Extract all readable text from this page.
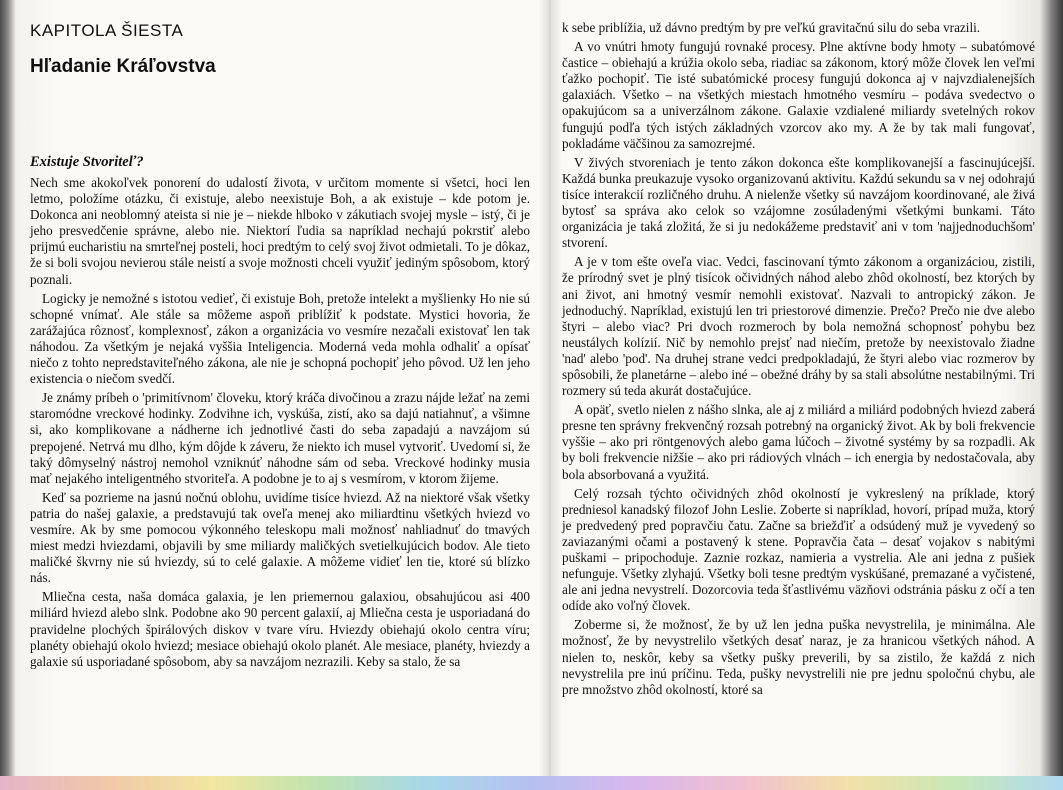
KAPITOLA ŠIESTA
Hľadanie Kráľovstva
Existuje Stvoriteľ?

Nech sme akokoľvek ponorení do udalostí života, v určitom momente si všetci, hoci len letmo, položíme otázku, či existuje, alebo neexistuje Boh, a ak existuje – kde potom je. Dokonca ani neoblomný ateista si nie je – niekde hlboko v zákutiach svojej mysle – istý, či je jeho presvedčenie správne, alebo nie. Niektorí ľudia sa napríklad nechajú pokrstiť alebo prijmú eucharistiu na smrteľnej posteli, hoci predtým to celý svoj život odmietali. To je dôkaz, že si boli svojou nevierou stále neistí a svoje možnosti chceli využiť jediným spôsobom, ktorý poznali.

Logicky je nemožné s istotou vedieť, či existuje Boh, pretože intelekt a myšlienky Ho nie sú schopné vnímať. Ale stále sa môžeme aspoň priblížiť k podstate. Mystici hovoria, že zarážajúca rôznosť, komplexnosť, zákon a organizácia vo vesmíre nezačali existovať len tak náhodou. Za všetkým je nejaká vyššia Inteligencia. Moderná veda mohla odhaliť a opísať niečo z tohto nepredstaviteľného zákona, ale nie je schopná pochopiť jeho pôvod. Už len jeho existencia o niečom svedčí.

Je známy príbeh o 'primitívnom' človeku, ktorý kráča divočinou a zrazu nájde ležať na zemi staromódne vreckové hodinky. Zodvihne ich, vyskúša, zistí, ako sa dajú natiahnuť, a všimne si, ako komplikovane a nádherne ich jednotlivé časti do seba zapadajú a navzájom sú prepojené. Netrvá mu dlho, kým dôjde k záveru, že niekto ich musel vytvoriť. Uvedomí si, že taký dômyselný nástroj nemohol vzniknúť náhodne sám od seba. Vreckové hodinky musia mať nejakého inteligentného stvoriteľa. A podobne je to aj s vesmírom, v ktorom žijeme.

Keď sa pozrieme na jasnú nočnú oblohu, uvidíme tisíce hviezd. Až na niektoré však všetky patria do našej galaxie, a predstavujú tak oveľa menej ako miliardtinu všetkých hviezd vo vesmíre. Ak by sme pomocou výkonného teleskopu mali možnosť nahliadnuť do tmavých miest medzi hviezdami, objavili by sme miliardy maličkých svetielkujúcich bodov. Ale tieto maličké škvrny nie sú hviezdy, sú to celé galaxie. A môžeme vidieť len tie, ktoré sú blízko nás.

Mliečna cesta, naša domáca galaxia, je len priemernou galaxiou, obsahujúcou asi 400 miliárd hviezd alebo slnk. Podobne ako 90 percent galaxií, aj Mliečna cesta je usporiadaná do pravidelne plochých špirálových diskov v tvare víru. Hviezdy obiehajú okolo centra víru; planéty obiehajú okolo hviezd; mesiace obiehajú okolo planét. Ale mesiace, planéty, hviezdy a galaxie sú usporiadané spôsobom, aby sa navzájom nezrazili. Keby sa stalo, že sa

k sebe priblížia, už dávno predtým by pre veľkú gravitačnú silu do seba vrazili.

A vo vnútri hmoty fungujú rovnaké procesy. Plne aktívne body hmoty – subatómové častice – obiehajú a krúžia okolo seba, riadiac sa zákonom, ktorý môže človek len veľmi ťažko pochopiť. Tie isté subatómické procesy fungujú dokonca aj v najvzdialenejších galaxiách. Všetko – na všetkých miestach hmotného vesmíru – podáva svedectvo o opakujúcom sa a univerzálnom zákone. Galaxie vzdialené miliardy svetelných rokov fungujú podľa tých istých základných vzorcov ako my. A že by tak mali fungovať, pokladáme väčšinou za samozrejmé.

V živých stvoreniach je tento zákon dokonca ešte komplikovanejší a fascinujúcejší. Každá bunka preukazuje vysoko organizovanú aktivitu. Každú sekundu sa v nej odohrajú tisíce interakcií rozličného druhu. A nielenže všetky sú navzájom koordinované, ale živá bytosť sa správa ako celok so vzájomne zosúladenými všetkými bunkami. Táto organizácia je taká zložitá, že si ju nedokážeme predstaviť ani v tom 'najjednoduchšom' stvorení.

A je v tom ešte oveľa viac. Vedci, fascinovaní týmto zákonom a organizáciou, zistili, že prírodný svet je plný tisícok očividných náhod alebo zhôd okolností, bez ktorých by ani život, ani hmotný vesmír nemohli existovať. Nazvali to antropický zákon. Je jednoduchý. Napríklad, existujú len tri priestorové dimenzie. Prečo? Prečo nie dve alebo štyri – alebo viac? Pri dvoch rozmeroch by bola nemožná schopnosť pohybu bez neustálych kolízií. Nič by nemohlo prejsť nad niečím, pretože by neexistovalo žiadne 'nad' alebo 'pod'. Na druhej strane vedci predpokladajú, že štyri alebo viac rozmerov by spôsobili, že planetárne – alebo iné – obežné dráhy by sa stali absolútne nestabilnými. Tri rozmery sú teda akurát dostačujúce.

A opäť, svetlo nielen z nášho slnka, ale aj z miliárd a miliárd podobných hviezd zaberá presne ten správny frekvenčný rozsah potrebný na organický život. Ak by boli frekvencie vyššie – ako pri röntgenových alebo gama lúčoch – životné systémy by sa rozpadli. Ak by boli frekvencie nižšie – ako pri rádiových vlnách – ich energia by nedostačovala, aby bola absorbovaná a využitá.

Celý rozsah týchto očividných zhôd okolností je vykreslený na príklade, ktorý predniesol kanadský filozof John Leslie. Zoberte si napríklad, hovorí, prípad muža, ktorý je predvedený pred popravčiu čatu. Začne sa briežďiť a odsúdený muž je vyvedený so zaviazanými očami a postavený k stene. Popravčia čata – desať vojakov s nabitými puškami – pripochoduje. Zaznie rozkaz, namieria a vystrelia. Ale ani jedna z pušiek nefunguje. Všetky zlyhajú. Všetky boli tesne predtým vyskúšané, premazané a vyčistené, ale ani jedna nevystrelí. Dozorcovia teda šťastlivému väzňovi odstránia pásku z očí a ten odíde ako voľný človek.

Zoberme si, že možnosť, že by už len jedna puška nevystrelila, je minimálna. Ale možnosť, že by nevystrelilo všetkých desať naraz, je za hranicou všetkých náhod. A nielen to, neskôr, keby sa všetky pušky preverili, by sa zistilo, že každá z nich nevystrelila pre inú príčinu. Teda, pušky nevystrelili nie pre jednu spoločnú chybu, ale pre množstvo zhôd okolností, ktoré sa
